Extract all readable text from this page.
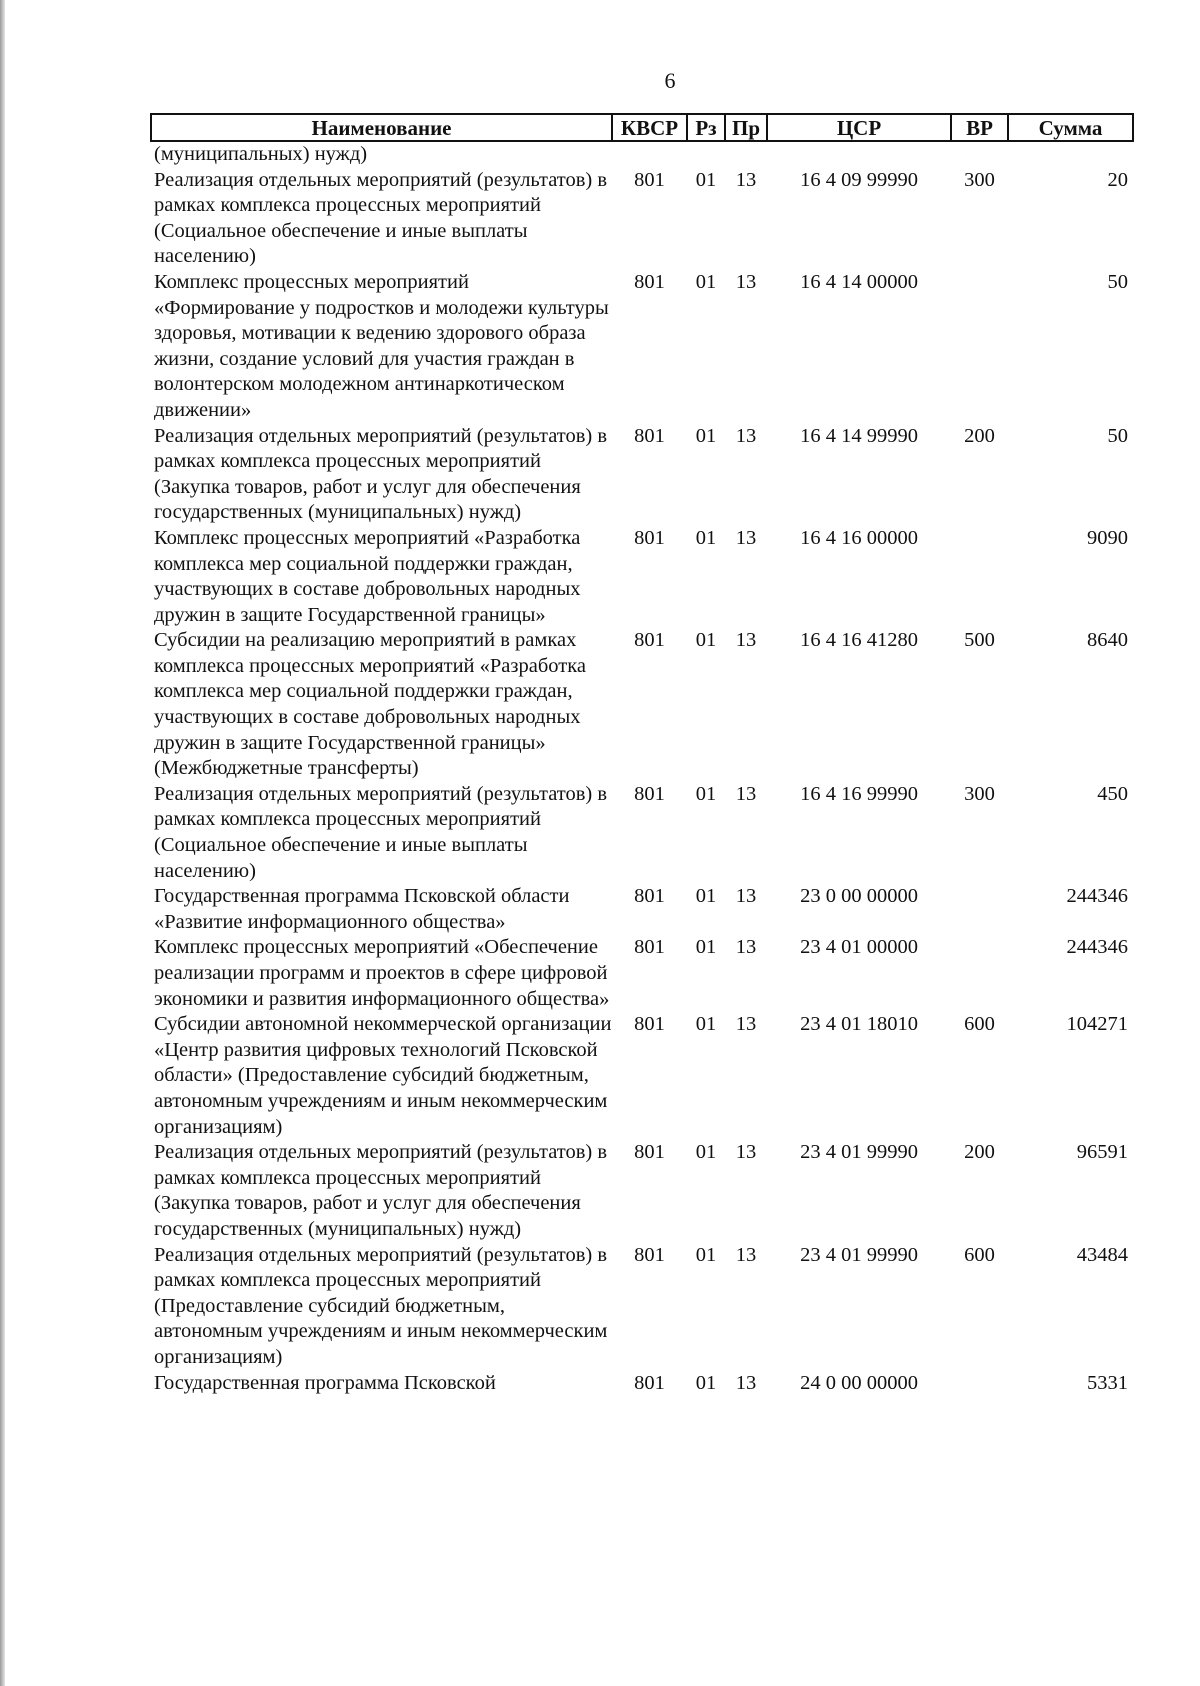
6
Наименование	КВСР	Рз	Пр	ЦСР	ВР	Сумма
(муниципальных) нужд)						
Реализация отдельных мероприятий (результатов) в рамках комплекса процессных мероприятий (Социальное обеспечение и иные выплаты населению)	801	01	13	16 4 09 99990	300	20
Комплекс процессных мероприятий «Формирование у подростков и молодежи культуры здоровья, мотивации к ведению здорового образа жизни, создание условий для участия граждан в волонтерском молодежном антинаркотическом движении»	801	01	13	16 4 14 00000		50
Реализация отдельных мероприятий (результатов) в рамках комплекса процессных мероприятий (Закупка товаров, работ и услуг для обеспечения государственных (муниципальных) нужд)	801	01	13	16 4 14 99990	200	50
Комплекс процессных мероприятий «Разработка комплекса мер социальной поддержки граждан, участвующих в составе добровольных народных дружин в защите Государственной границы»	801	01	13	16 4 16 00000		9090
Субсидии на реализацию мероприятий в рамках комплекса процессных мероприятий «Разработка комплекса мер социальной поддержки граждан, участвующих в составе добровольных народных дружин в защите Государственной границы» (Межбюджетные трансферты)	801	01	13	16 4 16 41280	500	8640
Реализация отдельных мероприятий (результатов) в рамках комплекса процессных мероприятий (Социальное обеспечение и иные выплаты населению)	801	01	13	16 4 16 99990	300	450
Государственная программа Псковской области «Развитие информационного общества»	801	01	13	23 0 00 00000		244346
Комплекс процессных мероприятий «Обеспечение реализации программ и проектов в сфере цифровой экономики и развития информационного общества»	801	01	13	23 4 01 00000		244346
Субсидии автономной некоммерческой организации «Центр развития цифровых технологий Псковской области» (Предоставление субсидий бюджетным, автономным учреждениям и иным некоммерческим организациям)	801	01	13	23 4 01 18010	600	104271
Реализация отдельных мероприятий (результатов) в рамках комплекса процессных мероприятий (Закупка товаров, работ и услуг для обеспечения государственных (муниципальных) нужд)	801	01	13	23 4 01 99990	200	96591
Реализация отдельных мероприятий (результатов) в рамках комплекса процессных мероприятий (Предоставление субсидий бюджетным, автономным учреждениям и иным некоммерческим организациям)	801	01	13	23 4 01 99990	600	43484
Государственная программа Псковской	801	01	13	24 0 00 00000		5331
